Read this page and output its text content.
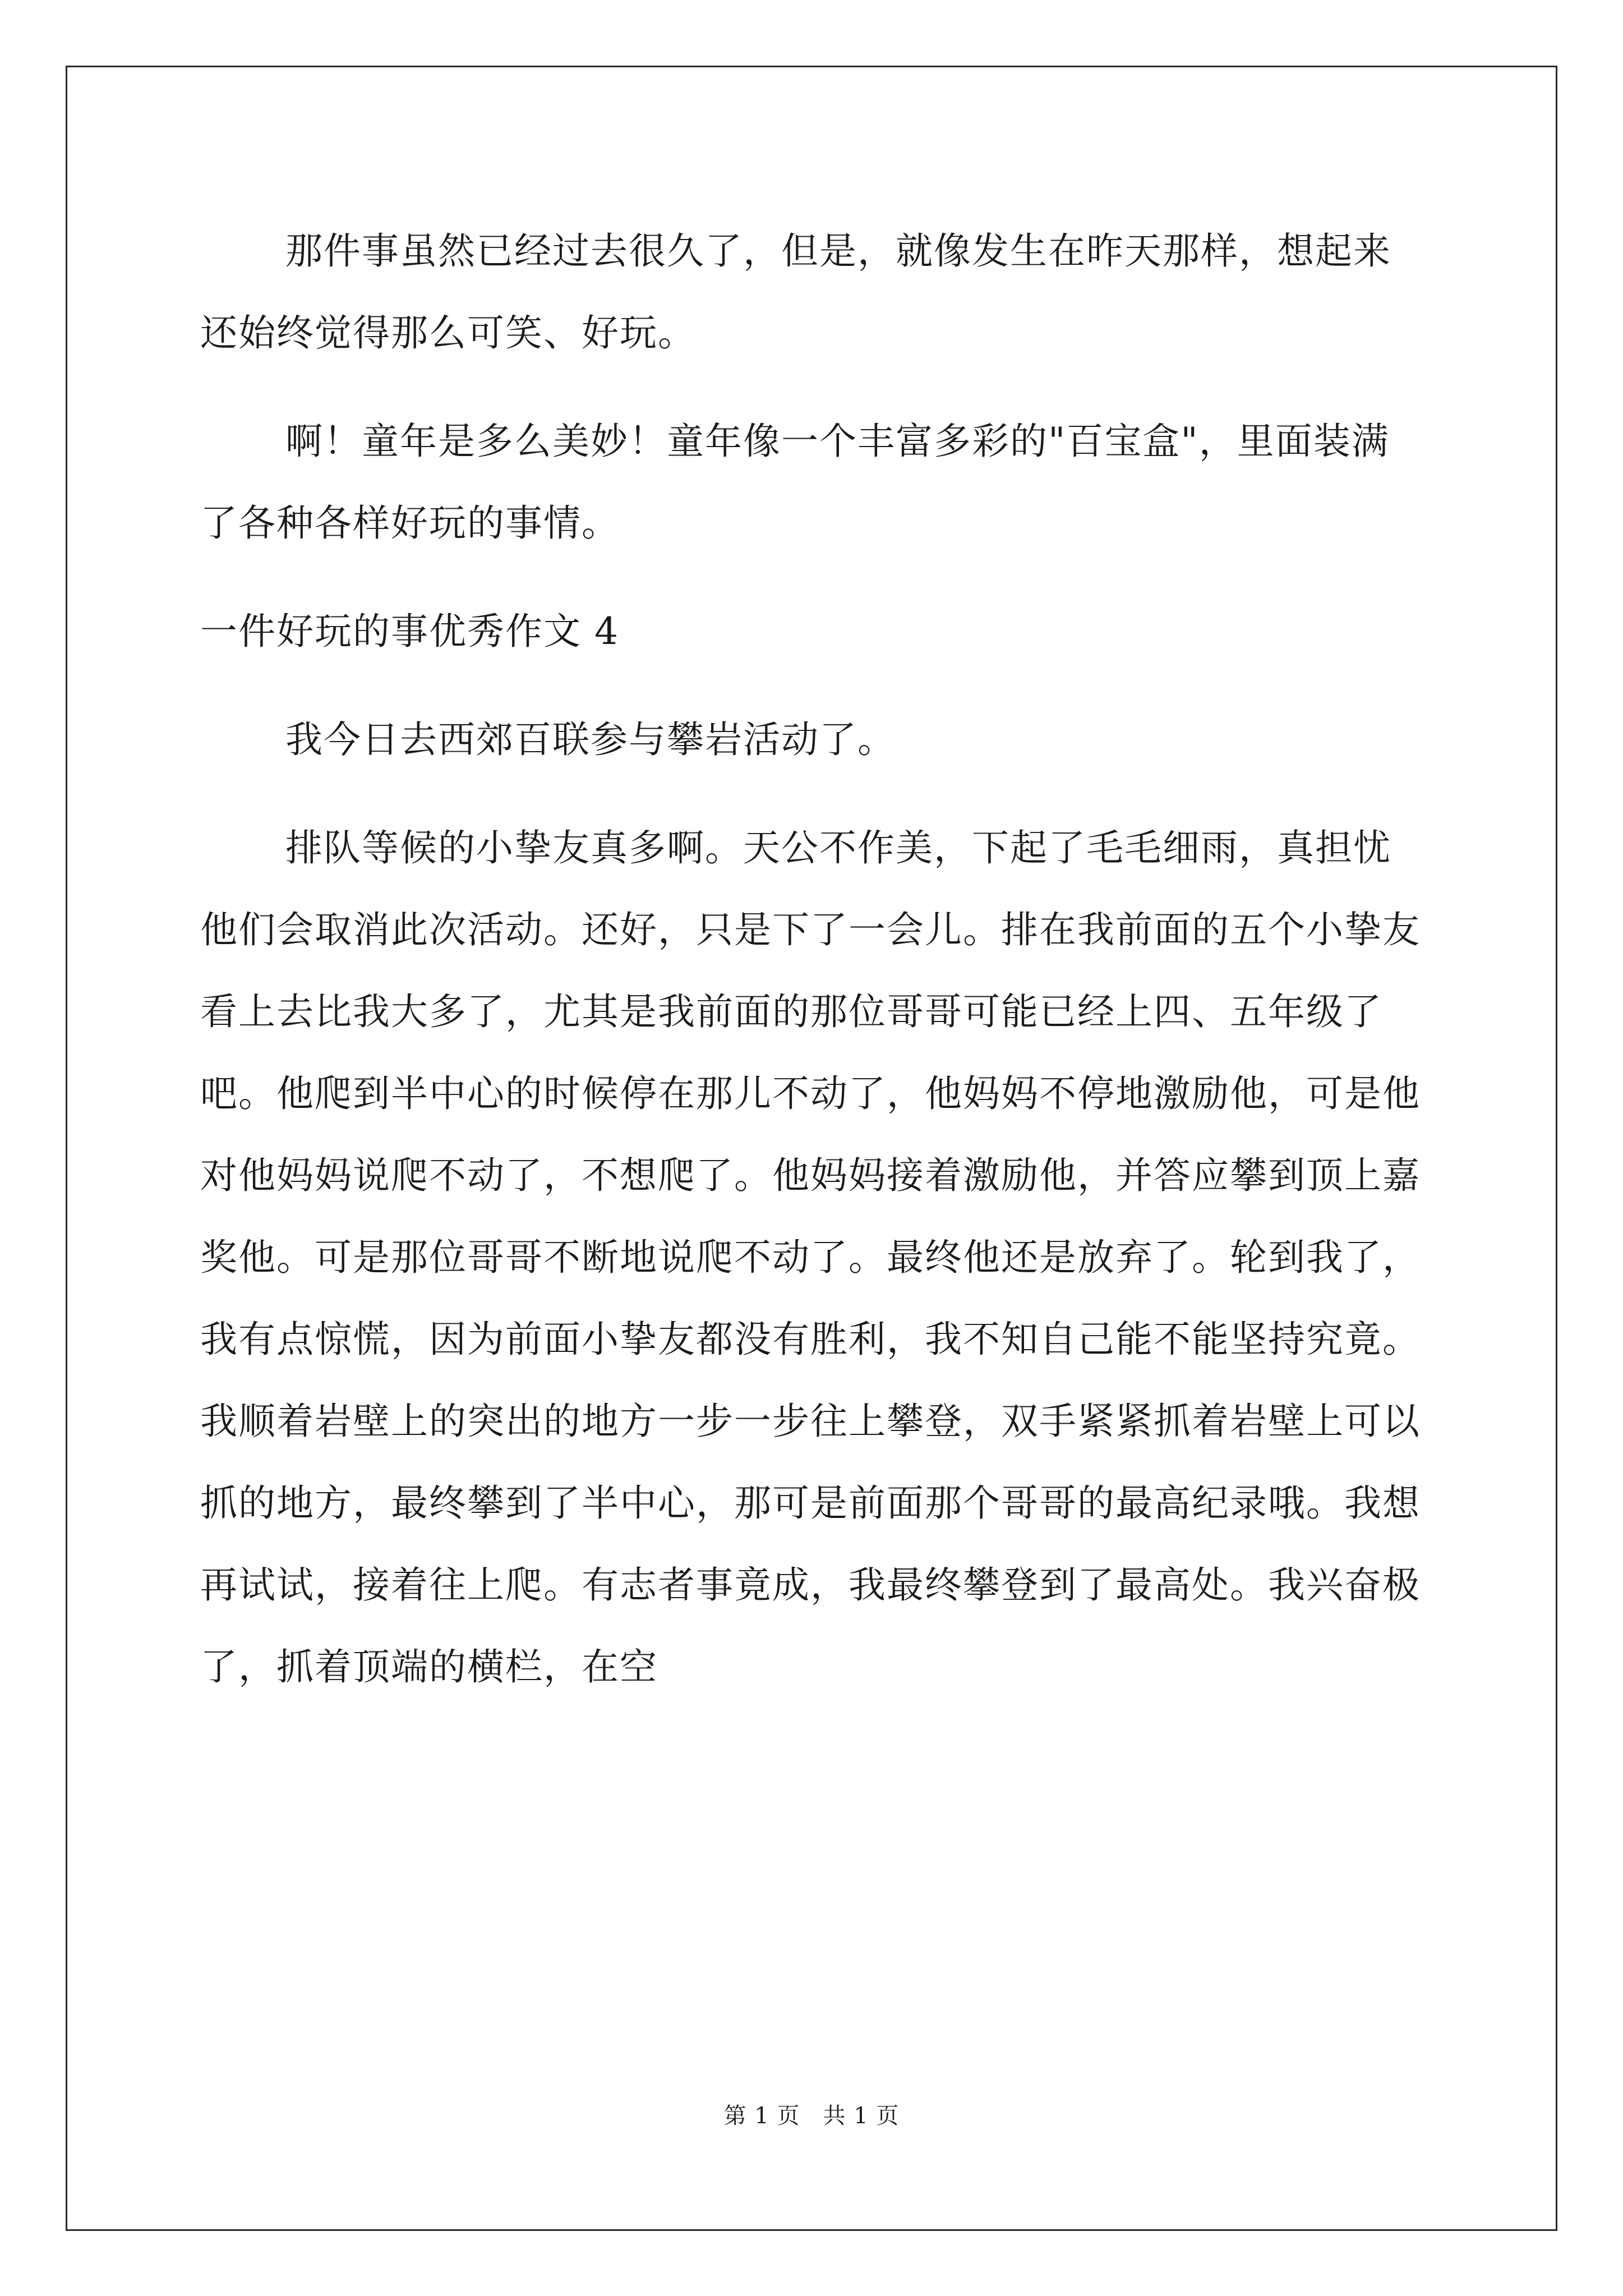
那件事虽然已经过去很久了，但是，就像发生在昨天那样，想起来还始终觉得那么可笑、好玩。

啊！童年是多么美妙！童年像一个丰富多彩的"百宝盒"，里面装满了各种各样好玩的事情。

一件好玩的事优秀作文 4

我今日去西郊百联参与攀岩活动了。

排队等候的小挚友真多啊。天公不作美，下起了毛毛细雨，真担忧他们会取消此次活动。还好，只是下了一会儿。排在我前面的五个小挚友看上去比我大多了，尤其是我前面的那位哥哥可能已经上四、五年级了吧。他爬到半中心的时候停在那儿不动了，他妈妈不停地激励他，可是他对他妈妈说爬不动了，不想爬了。他妈妈接着激励他，并答应攀到顶上嘉奖他。可是那位哥哥不断地说爬不动了。最终他还是放弃了。轮到我了，我有点惊慌，因为前面小挚友都没有胜利，我不知自己能不能坚持究竟。我顺着岩壁上的突出的地方一步一步往上攀登，双手紧紧抓着岩壁上可以抓的地方，最终攀到了半中心，那可是前面那个哥哥的最高纪录哦。我想再试试，接着往上爬。有志者事竟成，我最终攀登到了最高处。我兴奋极了，抓着顶端的横栏，在空

第 1 页　共 1 页
